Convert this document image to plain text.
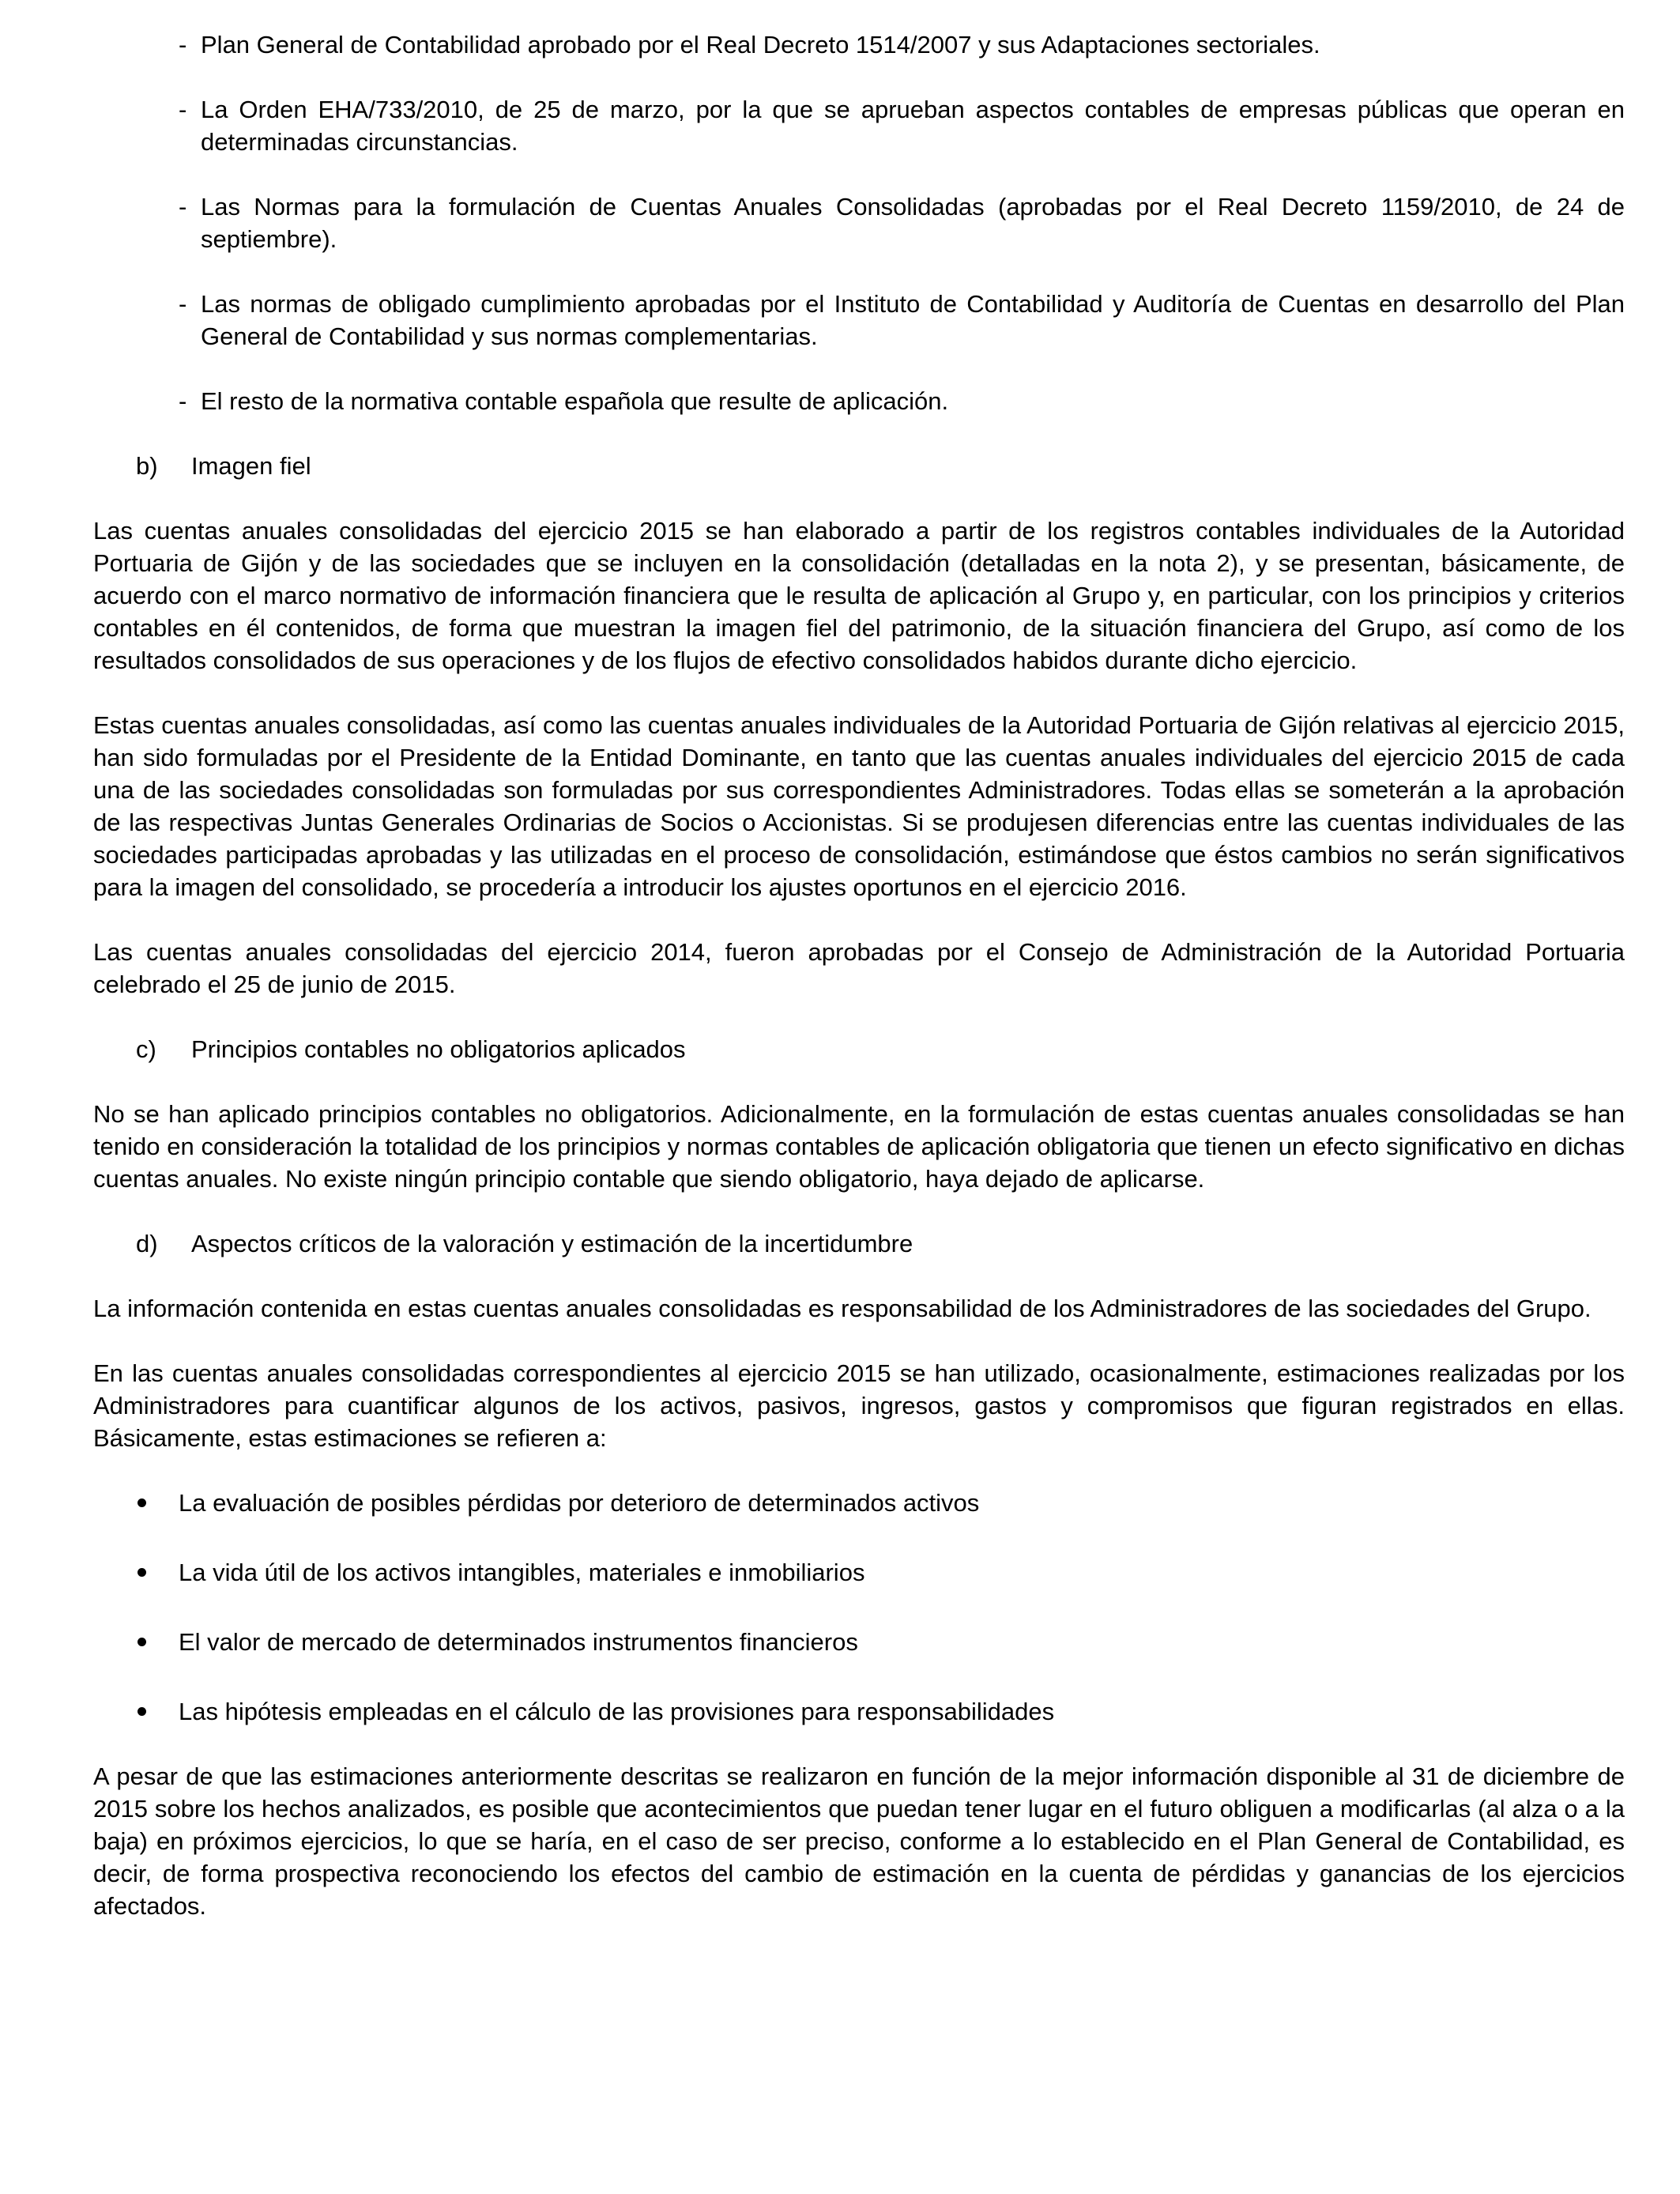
- Plan General de Contabilidad aprobado por el Real Decreto 1514/2007 y sus Adaptaciones sectoriales.
- La Orden EHA/733/2010, de 25 de marzo, por la que se aprueban aspectos contables de empresas públicas que operan en determinadas circunstancias.
- Las Normas para la formulación de Cuentas Anuales Consolidadas (aprobadas por el Real Decreto 1159/2010, de 24 de septiembre).
- Las normas de obligado cumplimiento aprobadas por el Instituto de Contabilidad y Auditoría de Cuentas en desarrollo del Plan General de Contabilidad y sus normas complementarias.
- El resto de la normativa contable española que resulte de aplicación.
b)	Imagen fiel

Las cuentas anuales consolidadas del ejercicio 2015 se han elaborado a partir de los registros contables individuales de la Autoridad Portuaria de Gijón y de las sociedades que se incluyen en la consolidación (detalladas en la nota 2), y se presentan, básicamente, de acuerdo con el marco normativo de información financiera que le resulta de aplicación al Grupo y, en particular, con los principios y criterios contables en él contenidos, de forma que muestran la imagen fiel del patrimonio, de la situación financiera del Grupo, así como de los resultados consolidados de sus operaciones y de los flujos de efectivo consolidados habidos durante dicho ejercicio.

Estas cuentas anuales consolidadas, así como las cuentas anuales individuales de la Autoridad Portuaria de Gijón relativas al ejercicio 2015, han sido formuladas por el Presidente de la Entidad Dominante, en tanto que las cuentas anuales individuales del ejercicio 2015 de cada una de las sociedades consolidadas son formuladas por sus correspondientes Administradores. Todas ellas se someterán a la aprobación de las respectivas Juntas Generales Ordinarias de Socios o Accionistas. Si se produjesen diferencias entre las cuentas individuales de las sociedades participadas aprobadas y las utilizadas en el proceso de consolidación, estimándose que éstos cambios no serán significativos para la imagen del consolidado, se procedería a introducir los ajustes oportunos en el ejercicio 2016.

Las cuentas anuales consolidadas del ejercicio 2014, fueron aprobadas por el Consejo de Administración de la Autoridad Portuaria celebrado el 25 de junio de 2015.

c)	Principios contables no obligatorios aplicados

No se han aplicado principios contables no obligatorios. Adicionalmente, en la formulación de estas cuentas anuales consolidadas se han tenido en consideración la totalidad de los principios y normas contables de aplicación obligatoria que tienen un efecto significativo en dichas cuentas anuales. No existe ningún principio contable que siendo obligatorio, haya dejado de aplicarse.

d)	Aspectos críticos de la valoración y estimación de la incertidumbre

La información contenida en estas cuentas anuales consolidadas es responsabilidad de los Administradores de las sociedades del Grupo.

En las cuentas anuales consolidadas correspondientes al ejercicio 2015 se han utilizado, ocasionalmente, estimaciones realizadas por los Administradores para cuantificar algunos de los activos, pasivos, ingresos, gastos y compromisos que figuran registrados en ellas. Básicamente, estas estimaciones se refieren a:

La evaluación de posibles pérdidas por deterioro de determinados activos
La vida útil de los activos intangibles, materiales e inmobiliarios
El valor de mercado de determinados instrumentos financieros
Las hipótesis empleadas en el cálculo de las provisiones para responsabilidades

A pesar de que las estimaciones anteriormente descritas se realizaron en función de la mejor información disponible al 31 de diciembre de 2015 sobre los hechos analizados, es posible que acontecimientos que puedan tener lugar en el futuro obliguen a modificarlas (al alza o a la baja) en próximos ejercicios, lo que se haría, en el caso de ser preciso, conforme a lo establecido en el Plan General de Contabilidad, es decir, de forma prospectiva reconociendo los efectos del cambio de estimación en la cuenta de pérdidas y ganancias de los ejercicios afectados.
